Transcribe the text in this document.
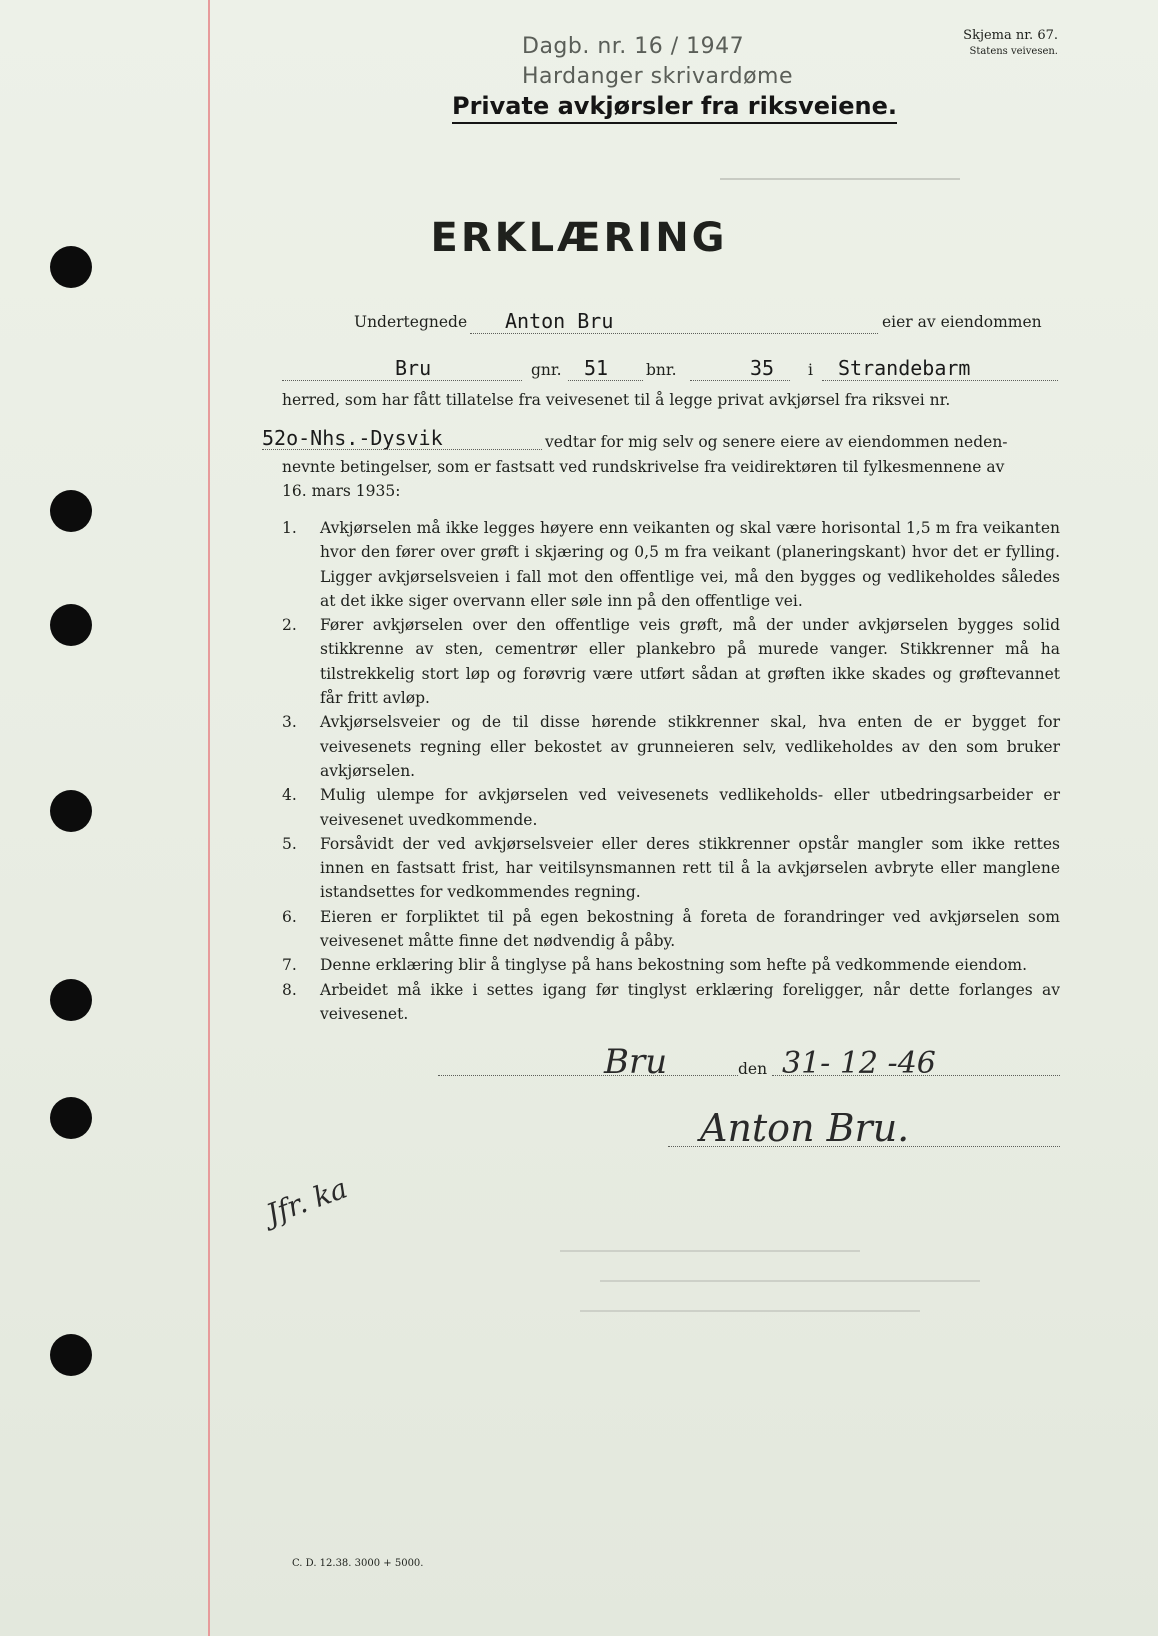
Dagb. nr. 16 / 1947
Hardanger skrivardøme
Private avkjørsler fra riksveiene.
Skjema nr. 67.
Statens veivesen.
ERKLÆRING
Undertegnede Anton Bru	eier av eiendommen
Bru	gnr. 51 bnr.	35 i Strandebarm
herred, som har fått tillatelse fra veivesenet til å legge privat avkjørsel fra riksvei nr.
52o-Nhs.-Dysvik	vedtar for mig selv og senere eiere av eiendommen neden-
nevnte betingelser, som er fastsatt ved rundskrivelse fra veidirektøren til fylkesmennene av
16. mars 1935:
1.	Avkjørselen må ikke legges høyere enn veikanten og skal være horisontal 1,5 m fra veikanten hvor den fører over grøft i skjæring og 0,5 m fra veikant (planeringskant) hvor det er fylling. Ligger avkjørselsveien i fall mot den offentlige vei, må den bygges og vedlikeholdes således at det ikke siger overvann eller søle inn på den offentlige vei.
2.	Fører avkjørselen over den offentlige veis grøft, må der under avkjørselen bygges solid stikkrenne av sten, cementrør eller plankebro på murede vanger. Stikkrenner må ha tilstrekkelig stort løp og forøvrig være utført sådan at grøften ikke skades og grøftevannet får fritt avløp.
3.	Avkjørselsveier og de til disse hørende stikkrenner skal, hva enten de er bygget for veivesenets regning eller bekostet av grunneieren selv, vedlikeholdes av den som bruker avkjørselen.
4.	Mulig ulempe for avkjørselen ved veivesenets vedlikeholds- eller utbedringsarbeider er veivesenet uvedkommende.
5.	Forsåvidt der ved avkjørselsveier eller deres stikkrenner opstår mangler som ikke rettes innen en fastsatt frist, har veitilsynsmannen rett til å la avkjørselen avbryte eller manglene istandsettes for vedkommendes regning.
6.	Eieren er forpliktet til på egen bekostning å foreta de forandringer ved avkjørselen som veivesenet måtte finne det nødvendig å påby.
7.	Denne erklæring blir å tinglyse på hans bekostning som hefte på vedkommende eiendom.
8.	Arbeidet må ikke i settes igang før tinglyst erklæring foreligger, når dette forlanges av veivesenet.
Bru	den 31- 12 -46
Anton Bru.
Jfr. ka
C. D. 12.38. 3000 + 5000.
